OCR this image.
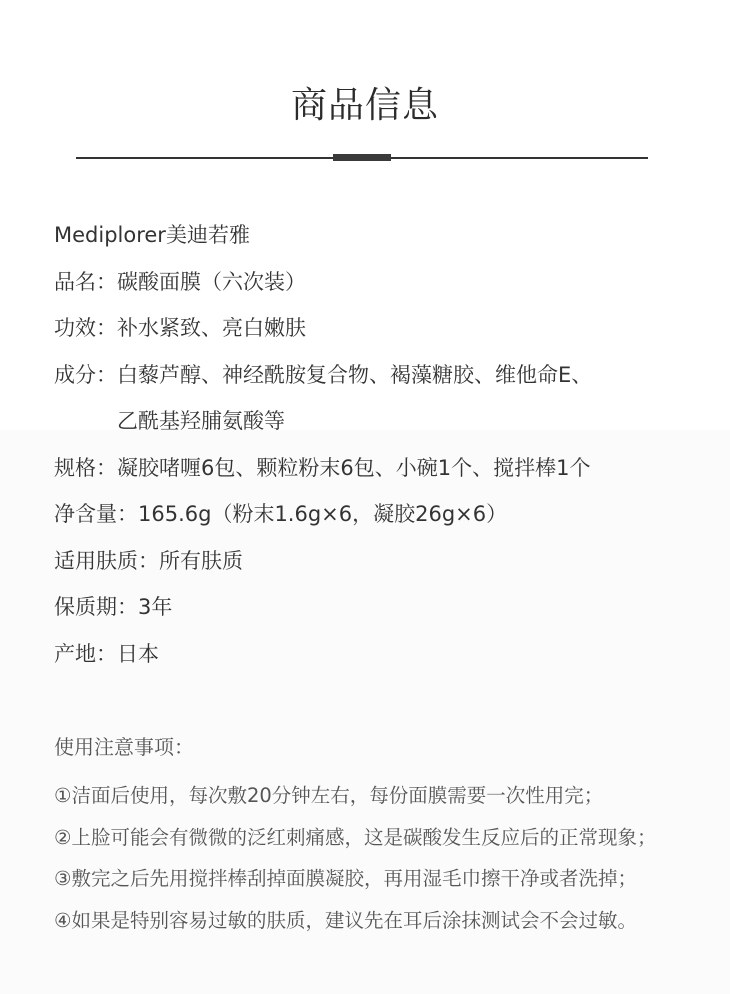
商品信息
Mediplorer美迪若雅
品名： 碳酸面膜（六次装）
功效： 补水紧致、亮白嫩肤
成分： 白藜芦醇、神经酰胺复合物、褐藻糖胶、维他命E、
乙酰基羟脯氨酸等
规格： 凝胶啫喱6包、颗粒粉末6包、小碗1个、搅拌棒1个
净含量： 165.6g（粉末1.6g×6，凝胶26g×6）
适用肤质： 所有肤质
保质期： 3年
产地： 日本
使用注意事项：
①洁面后使用，每次敷20分钟左右，每份面膜需要一次性用完；
②上脸可能会有微微的泛红刺痛感，这是碳酸发生反应后的正常现象；
③敷完之后先用搅拌棒刮掉面膜凝胶，再用湿毛巾擦干净或者洗掉；
④如果是特别容易过敏的肤质，建议先在耳后涂抹测试会不会过敏。
